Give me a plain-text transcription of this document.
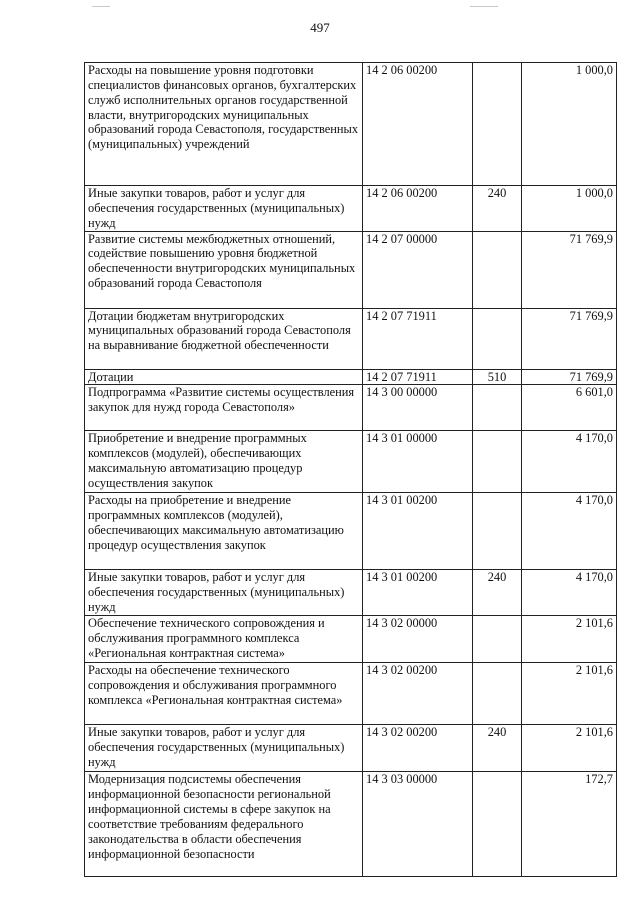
497
Расходы на повышение уровня подготовки специалистов финансовых органов, бухгалтерских служб исполнительных органов государственной власти, внутригородских муниципальных образований города Севастополя, государственных (муниципальных) учреждений	14 2 06 00200		1 000,0
Иные закупки товаров, работ и услуг для обеспечения государственных (муниципальных) нужд	14 2 06 00200	240	1 000,0
Развитие системы межбюджетных отношений, содействие повышению уровня бюджетной обеспеченности внутригородских муниципальных образований города Севастополя	14 2 07 00000		71 769,9
Дотации бюджетам внутригородских муниципальных образований города Севастополя на выравнивание бюджетной обеспеченности	14 2 07 71911		71 769,9
Дотации	14 2 07 71911	510	71 769,9
Подпрограмма «Развитие системы осуществления закупок для нужд города Севастополя»	14 3 00 00000		6 601,0
Приобретение и внедрение программных комплексов (модулей), обеспечивающих максимальную автоматизацию процедур осуществления закупок	14 3 01 00000		4 170,0
Расходы на приобретение и внедрение программных комплексов (модулей), обеспечивающих максимальную автоматизацию процедур осуществления закупок	14 3 01 00200		4 170,0
Иные закупки товаров, работ и услуг для обеспечения государственных (муниципальных) нужд	14 3 01 00200	240	4 170,0
Обеспечение технического сопровождения и обслуживания программного комплекса «Региональная контрактная система»	14 3 02 00000		2 101,6
Расходы на обеспечение технического сопровождения и обслуживания программного комплекса «Региональная контрактная система»	14 3 02 00200		2 101,6
Иные закупки товаров, работ и услуг для обеспечения государственных (муниципальных) нужд	14 3 02 00200	240	2 101,6
Модернизация подсистемы обеспечения информационной безопасности региональной информационной системы в сфере закупок на соответствие требованиям федерального законодательства в области обеспечения информационной безопасности	14 3 03 00000		172,7
